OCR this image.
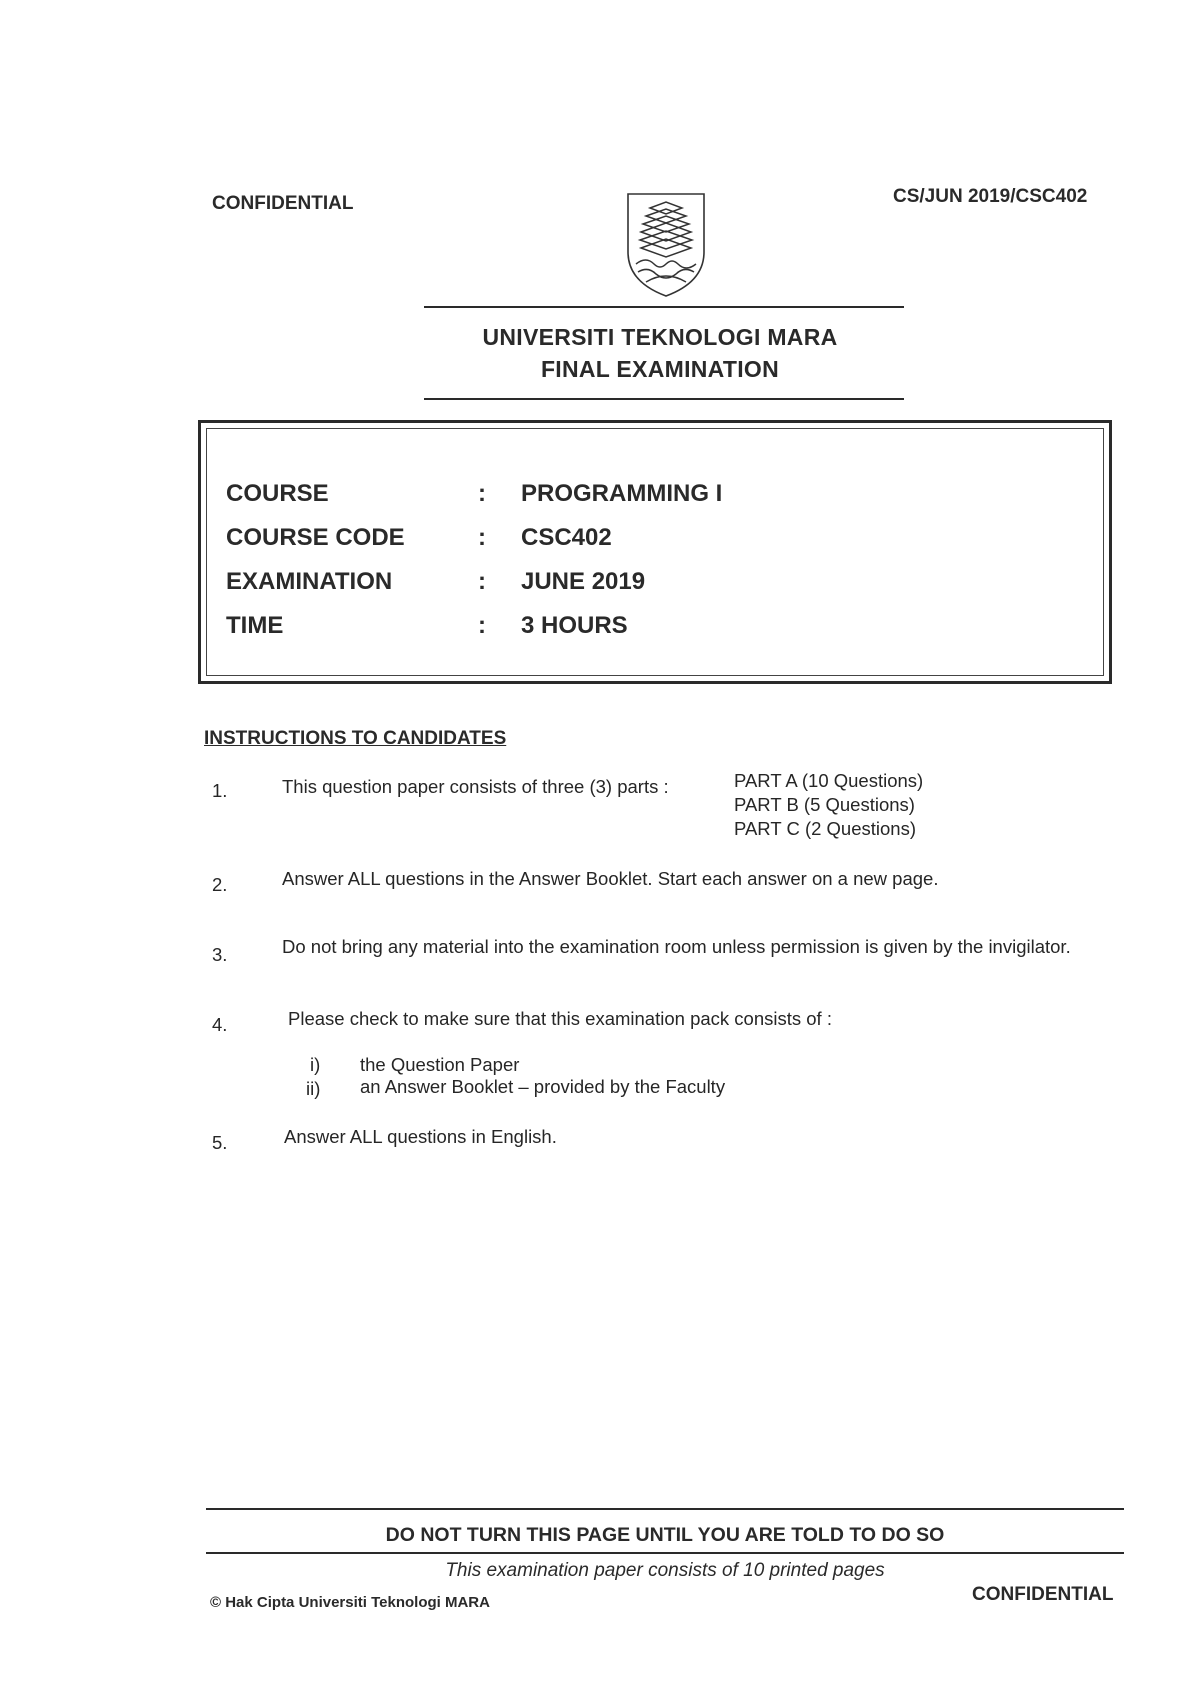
CONFIDENTIAL	CS/JUN 2019/CSC402
UNIVERSITI TEKNOLOGI MARA
FINAL EXAMINATION
COURSE	: PROGRAMMING I
COURSE CODE	: CSC402
EXAMINATION	: JUNE 2019
TIME	: 3 HOURS
INSTRUCTIONS TO CANDIDATES
1.	This question paper consists of three (3) parts :	PART A (10 Questions)
PART B (5 Questions)
PART C (2 Questions)
2.	Answer ALL questions in the Answer Booklet. Start each answer on a new page.
3.	Do not bring any material into the examination room unless permission is given by the invigilator.
4.	Please check to make sure that this examination pack consists of :
i) the Question Paper
ii) an Answer Booklet – provided by the Faculty
5.	Answer ALL questions in English.
DO NOT TURN THIS PAGE UNTIL YOU ARE TOLD TO DO SO
This examination paper consists of 10 printed pages
© Hak Cipta Universiti Teknologi MARA	CONFIDENTIAL
